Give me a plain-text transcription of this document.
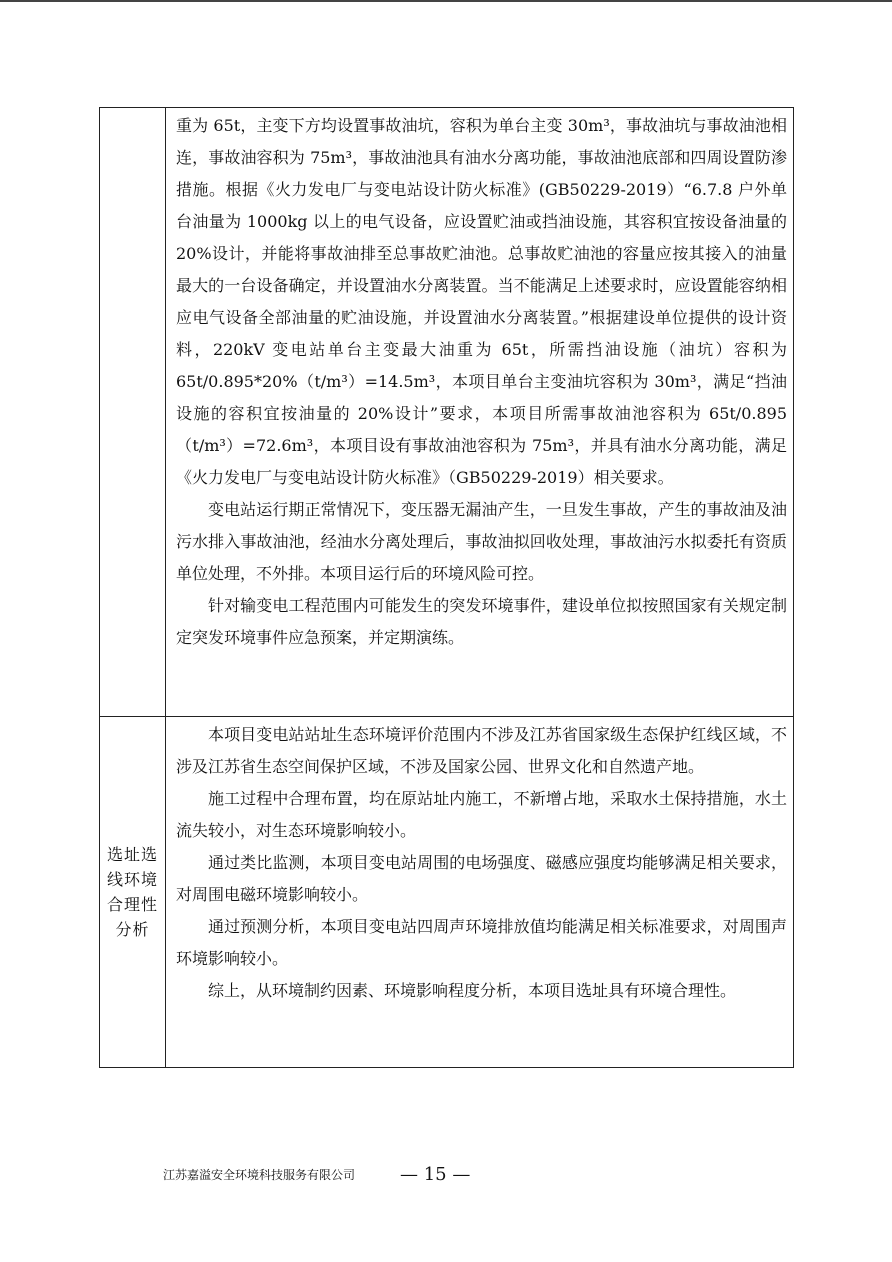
	重为 65t，主变下方均设置事故油坑，容积为单台主变 30m³，事故油坑与事故油池相连，事故油容积为 75m³，事故油池具有油水分离功能，事故油池底部和四周设置防渗措施。根据《火力发电厂与变电站设计防火标准》(GB50229-2019）“6.7.8 户外单台油量为 1000kg 以上的电气设备，应设置贮油或挡油设施，其容积宜按设备油量的 20%设计，并能将事故油排至总事故贮油池。总事故贮油池的容量应按其接入的油量最大的一台设备确定，并设置油水分离装置。当不能满足上述要求时，应设置能容纳相应电气设备全部油量的贮油设施，并设置油水分离装置。”根据建设单位提供的设计资料，220kV 变电站单台主变最大油重为 65t，所需挡油设施（油坑）容积为 65t/0.895*20%（t/m³）=14.5m³，本项目单台主变油坑容积为 30m³，满足“挡油设施的容积宜按油量的 20%设计”要求，本项目所需事故油池容积为 65t/0.895（t/m³）=72.6m³，本项目设有事故油池容积为 75m³，并具有油水分离功能，满足《火力发电厂与变电站设计防火标准》（GB50229-2019）相关要求。

变电站运行期正常情况下，变压器无漏油产生，一旦发生事故，产生的事故油及油污水排入事故油池，经油水分离处理后，事故油拟回收处理，事故油污水拟委托有资质单位处理，不外排。本项目运行后的环境风险可控。

针对输变电工程范围内可能发生的突发环境事件，建设单位拟按照国家有关规定制定突发环境事件应急预案，并定期演练。

选址选线环境合理性分析	本项目变电站站址生态环境评价范围内不涉及江苏省国家级生态保护红线区域，不涉及江苏省生态空间保护区域，不涉及国家公园、世界文化和自然遗产地。

施工过程中合理布置，均在原站址内施工，不新增占地，采取水土保持措施，水土流失较小，对生态环境影响较小。

通过类比监测，本项目变电站周围的电场强度、磁感应强度均能够满足相关要求，对周围电磁环境影响较小。

通过预测分析，本项目变电站四周声环境排放值均能满足相关标准要求，对周围声环境影响较小。

综上，从环境制约因素、环境影响程度分析，本项目选址具有环境合理性。

江苏嘉溢安全环境科技服务有限公司 — 15 —
